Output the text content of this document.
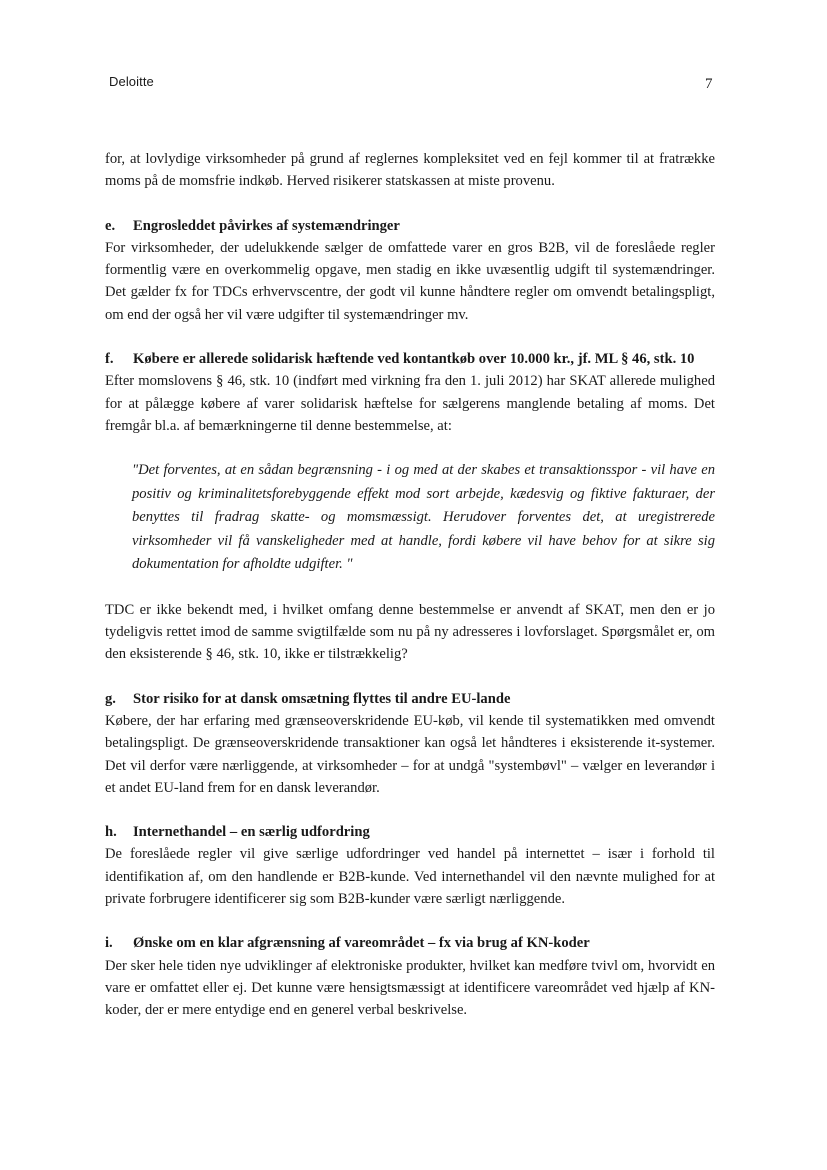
Deloitte	7

for, at lovlydige virksomheder på grund af reglernes kompleksitet ved en fejl kommer til at fratrække moms på de momsfrie indkøb. Herved risikerer statskassen at miste provenu.

e.	Engrosleddet påvirkes af systemændringer

For virksomheder, der udelukkende sælger de omfattede varer en gros B2B, vil de foreslåede regler formentlig være en overkommelig opgave, men stadig en ikke uvæsentlig udgift til systemændringer. Det gælder fx for TDCs erhvervscentre, der godt vil kunne håndtere regler om omvendt betalingspligt, om end der også her vil være udgifter til systemændringer mv.

f.	Købere er allerede solidarisk hæftende ved kontantkøb over 10.000 kr., jf. ML § 46, stk. 10

Efter momslovens § 46, stk. 10 (indført med virkning fra den 1. juli 2012) har SKAT allerede mulighed for at pålægge købere af varer solidarisk hæftelse for sælgerens manglende betaling af moms. Det fremgår bl.a. af bemærkningerne til denne bestemmelse, at:

"Det forventes, at en sådan begrænsning - i og med at der skabes et transaktionsspor - vil have en positiv og kriminalitetsforebyggende effekt mod sort arbejde, kædesvig og fiktive fakturaer, der benyttes til fradrag skatte- og momsmæssigt. Herudover forventes det, at uregistrerede virksomheder vil få vanskeligheder med at handle, fordi købere vil have behov for at sikre sig dokumentation for afholdte udgifter. "

TDC er ikke bekendt med, i hvilket omfang denne bestemmelse er anvendt af SKAT, men den er jo tydeligvis rettet imod de samme svigtilfælde som nu på ny adresseres i lovforslaget. Spørgsmålet er, om den eksisterende § 46, stk. 10, ikke er tilstrækkelig?

g.	Stor risiko for at dansk omsætning flyttes til andre EU-lande

Købere, der har erfaring med grænseoverskridende EU-køb, vil kende til systematikken med omvendt betalingspligt. De grænseoverskridende transaktioner kan også let håndteres i eksisterende it-systemer. Det vil derfor være nærliggende, at virksomheder – for at undgå "systembøvl" – vælger en leverandør i et andet EU-land frem for en dansk leverandør.

h.	Internethandel – en særlig udfordring

De foreslåede regler vil give særlige udfordringer ved handel på internettet – især i forhold til identifikation af, om den handlende er B2B-kunde. Ved internethandel vil den nævnte mulighed for at private forbrugere identificerer sig som B2B-kunder være særligt nærliggende.

i.	Ønske om en klar afgrænsning af vareområdet – fx via brug af KN-koder

Der sker hele tiden nye udviklinger af elektroniske produkter, hvilket kan medføre tvivl om, hvorvidt en vare er omfattet eller ej. Det kunne være hensigtsmæssigt at identificere vareområdet ved hjælp af KN-koder, der er mere entydige end en generel verbal beskrivelse.
